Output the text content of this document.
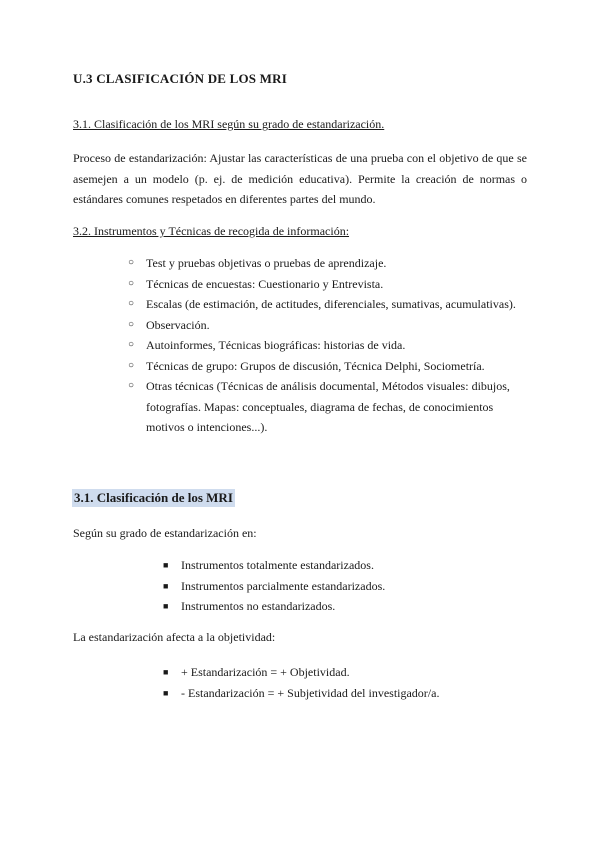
U.3 CLASIFICACIÓN DE LOS MRI
3.1. Clasificación de los MRI según su grado de estandarización.
Proceso de estandarización: Ajustar las características de una prueba con el objetivo de que se
asemejen a un modelo (p. ej. de medición educativa). Permite la creación de normas o
estándares comunes respetados en diferentes partes del mundo.
3.2. Instrumentos y Técnicas de recogida de información:
○ Test y pruebas objetivas o pruebas de aprendizaje.
○ Técnicas de encuestas: Cuestionario y Entrevista.
○ Escalas (de estimación, de actitudes, diferenciales, sumativas, acumulativas).
○ Observación.
○ Autoinformes, Técnicas biográficas: historias de vida.
○ Técnicas de grupo: Grupos de discusión, Técnica Delphi, Sociometría.
○ Otras técnicas (Técnicas de análisis documental, Métodos visuales: dibujos,
fotografías. Mapas: conceptuales, diagrama de fechas, de conocimientos
motivos o intenciones...).
3.1. Clasificación de los MRI
Según su grado de estandarización en:
■ Instrumentos totalmente estandarizados.
■ Instrumentos parcialmente estandarizados.
■ Instrumentos no estandarizados.
La estandarización afecta a la objetividad:
■ + Estandarización = + Objetividad.
■ - Estandarización = + Subjetividad del investigador/a.
